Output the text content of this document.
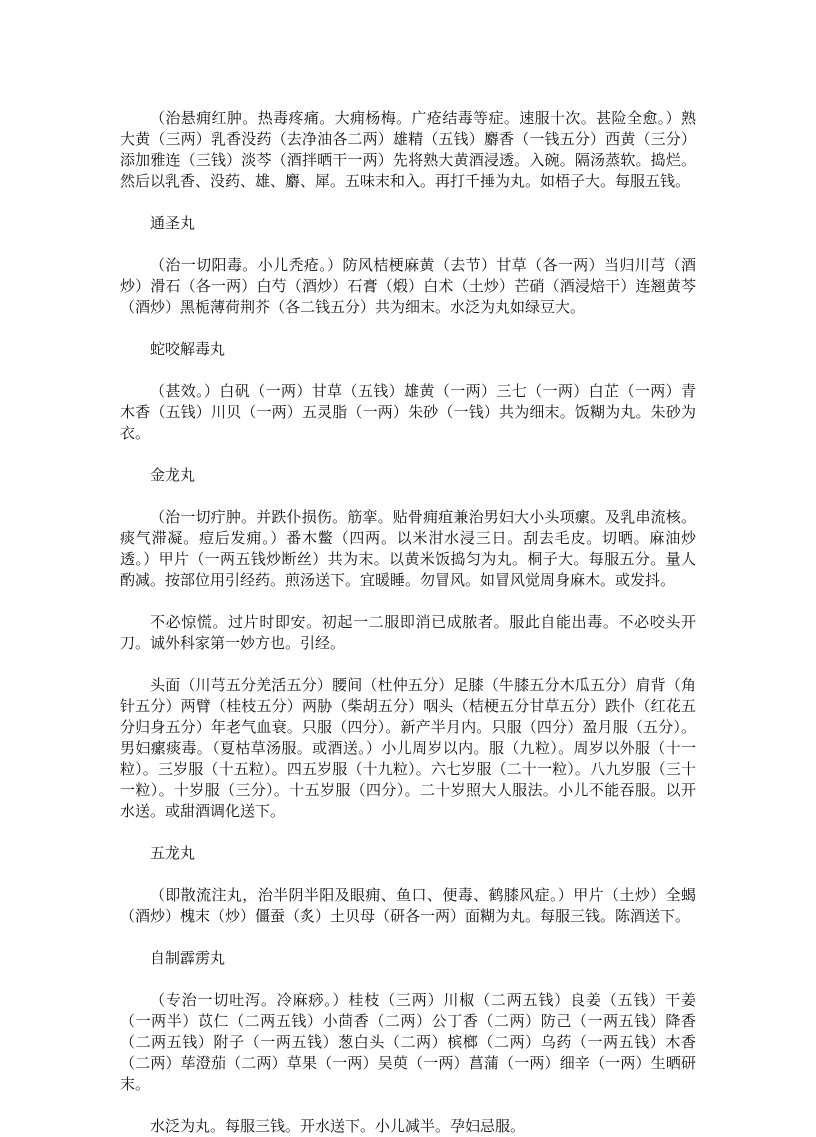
（治悬痈红肿。热毒疼痛。大痈杨梅。广疮结毒等症。速服十次。甚险全愈。）熟大黄（三两）乳香没药（去净油各二两）雄精（五钱）麝香（一钱五分）西黄（三分）添加雅连（三钱）淡芩（酒拌晒干一两）先将熟大黄酒浸透。入碗。隔汤蒸软。捣烂。然后以乳香、没药、雄、麝、犀。五味末和入。再打千捶为丸。如梧子大。每服五钱。

通圣丸

（治一切阳毒。小儿秃疮。）防风桔梗麻黄（去节）甘草（各一两）当归川芎（酒炒）滑石（各一两）白芍（酒炒）石膏（煅）白术（土炒）芒硝（酒浸焙干）连翘黄芩（酒炒）黑栀薄荷荆芥（各二钱五分）共为细末。水泛为丸如绿豆大。

蛇咬解毒丸

（甚效。）白矾（一两）甘草（五钱）雄黄（一两）三七（一两）白芷（一两）青木香（五钱）川贝（一两）五灵脂（一两）朱砂（一钱）共为细末。饭糊为丸。朱砂为衣。

金龙丸

（治一切疔肿。并跌仆损伤。筋挛。贴骨痈疽兼治男妇大小头项瘰。及乳串流核。痰气滞凝。痘后发痈。）番木鳖（四两。以米泔水浸三日。刮去毛皮。切晒。麻油炒透。）甲片（一两五钱炒断丝）共为末。以黄米饭捣匀为丸。桐子大。每服五分。量人酌减。按部位用引经药。煎汤送下。宜暖睡。勿冒风。如冒风觉周身麻木。或发抖。

不必惊慌。过片时即安。初起一二服即消已成脓者。服此自能出毒。不必咬头开刀。诚外科家第一妙方也。引经。

头面（川芎五分羌活五分）腰间（杜仲五分）足膝（牛膝五分木瓜五分）肩背（角针五分）两臂（桂枝五分）两胁（柴胡五分）咽头（桔梗五分甘草五分）跌仆（红花五分归身五分）年老气血衰。只服（四分）。新产半月内。只服（四分）盈月服（五分）。男妇瘰痰毒。（夏枯草汤服。或酒送。）小儿周岁以内。服（九粒）。周岁以外服（十一粒）。三岁服（十五粒）。四五岁服（十九粒）。六七岁服（二十一粒）。八九岁服（三十一粒）。十岁服（三分）。十五岁服（四分）。二十岁照大人服法。小儿不能吞服。以开水送。或甜酒调化送下。

五龙丸

（即散流注丸，治半阴半阳及眼痈、鱼口、便毒、鹤膝风症。）甲片（土炒）全蝎（酒炒）槐末（炒）僵蚕（炙）土贝母（研各一两）面糊为丸。每服三钱。陈酒送下。

自制霹雳丸

（专治一切吐泻。冷麻痧。）桂枝（三两）川椒（二两五钱）良姜（五钱）干姜（一两半）苡仁（二两五钱）小茴香（二两）公丁香（二两）防己（一两五钱）降香（二两五钱）附子（一两五钱）葱白头（二两）槟榔（二两）乌药（一两五钱）木香（二两）荜澄茄（二两）草果（一两）吴萸（一两）菖蒲（一两）细辛（一两）生晒研末。

水泛为丸。每服三钱。开水送下。小儿减半。孕妇忌服。
